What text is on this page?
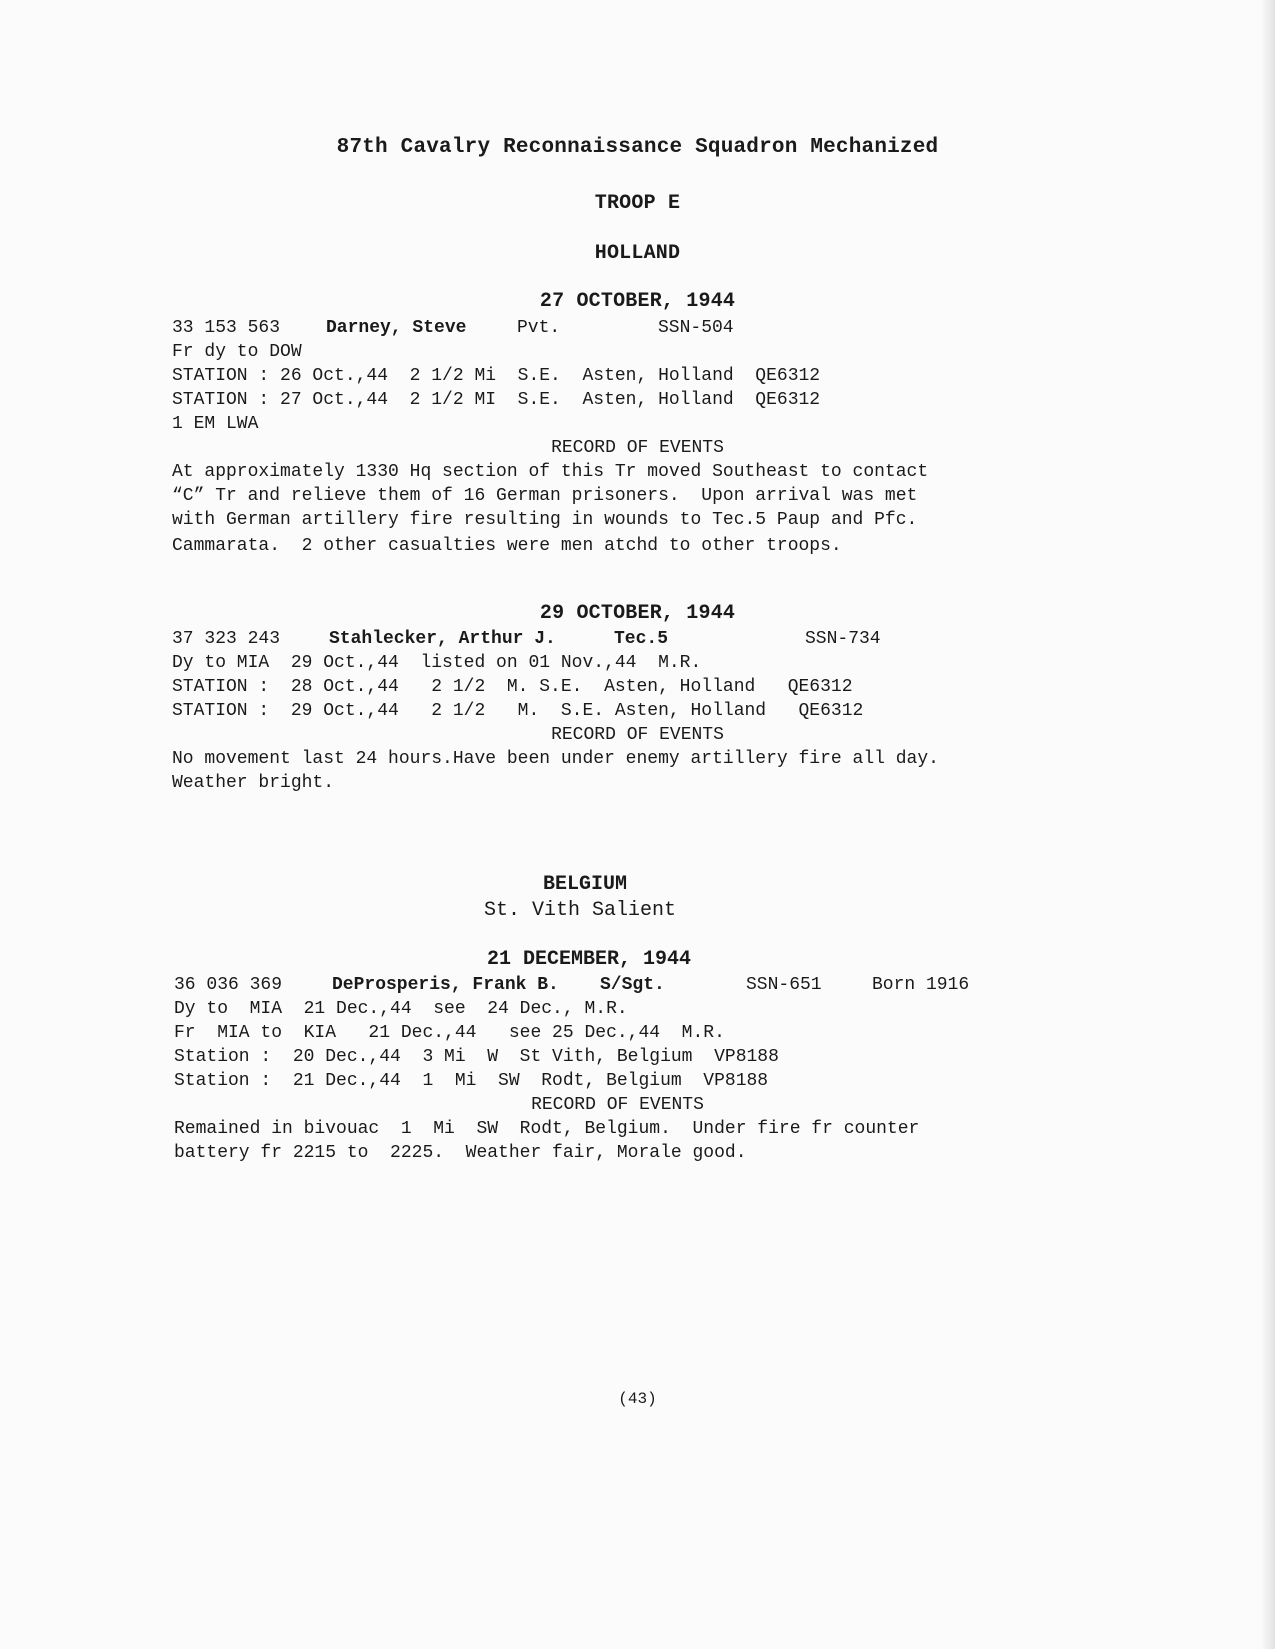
87th Cavalry Reconnaissance Squadron Mechanized
TROOP E
HOLLAND
27 OCTOBER, 1944
33 153 563	Darney, Steve	Pvt.	SSN-504
Fr dy to DOW
STATION : 26 Oct.,44  2 1/2 Mi  S.E.  Asten, Holland  QE6312
STATION : 27 Oct.,44  2 1/2 MI  S.E.  Asten, Holland  QE6312
1 EM LWA
RECORD OF EVENTS
At approximately 1330 Hq section of this Tr moved Southeast to contact
“C” Tr and relieve them of 16 German prisoners.  Upon arrival was met
with German artillery fire resulting in wounds to Tec.5 Paup and Pfc.
Cammarata.  2 other casualties were men atchd to other troops.
29 OCTOBER, 1944
37 323 243	Stahlecker, Arthur J.	Tec.5	SSN-734
Dy to MIA  29 Oct.,44  listed on 01 Nov.,44  M.R.
STATION :  28 Oct.,44   2 1/2  M. S.E.  Asten, Holland   QE6312
STATION :  29 Oct.,44   2 1/2   M.  S.E. Asten, Holland   QE6312
RECORD OF EVENTS
No movement last 24 hours.Have been under enemy artillery fire all day.
Weather bright.
BELGIUM
St. Vith Salient
21 DECEMBER, 1944
36 036 369	DeProsperis, Frank B. S/Sgt.	SSN-651	Born 1916
Dy to  MIA  21 Dec.,44  see  24 Dec., M.R.
Fr  MIA to  KIA   21 Dec.,44   see 25 Dec.,44  M.R.
Station :  20 Dec.,44  3 Mi  W  St Vith, Belgium  VP8188
Station :  21 Dec.,44  1  Mi  SW  Rodt, Belgium  VP8188
RECORD OF EVENTS
Remained in bivouac  1  Mi  SW  Rodt, Belgium.  Under fire fr counter
battery fr 2215 to  2225.  Weather fair, Morale good.
(43)
